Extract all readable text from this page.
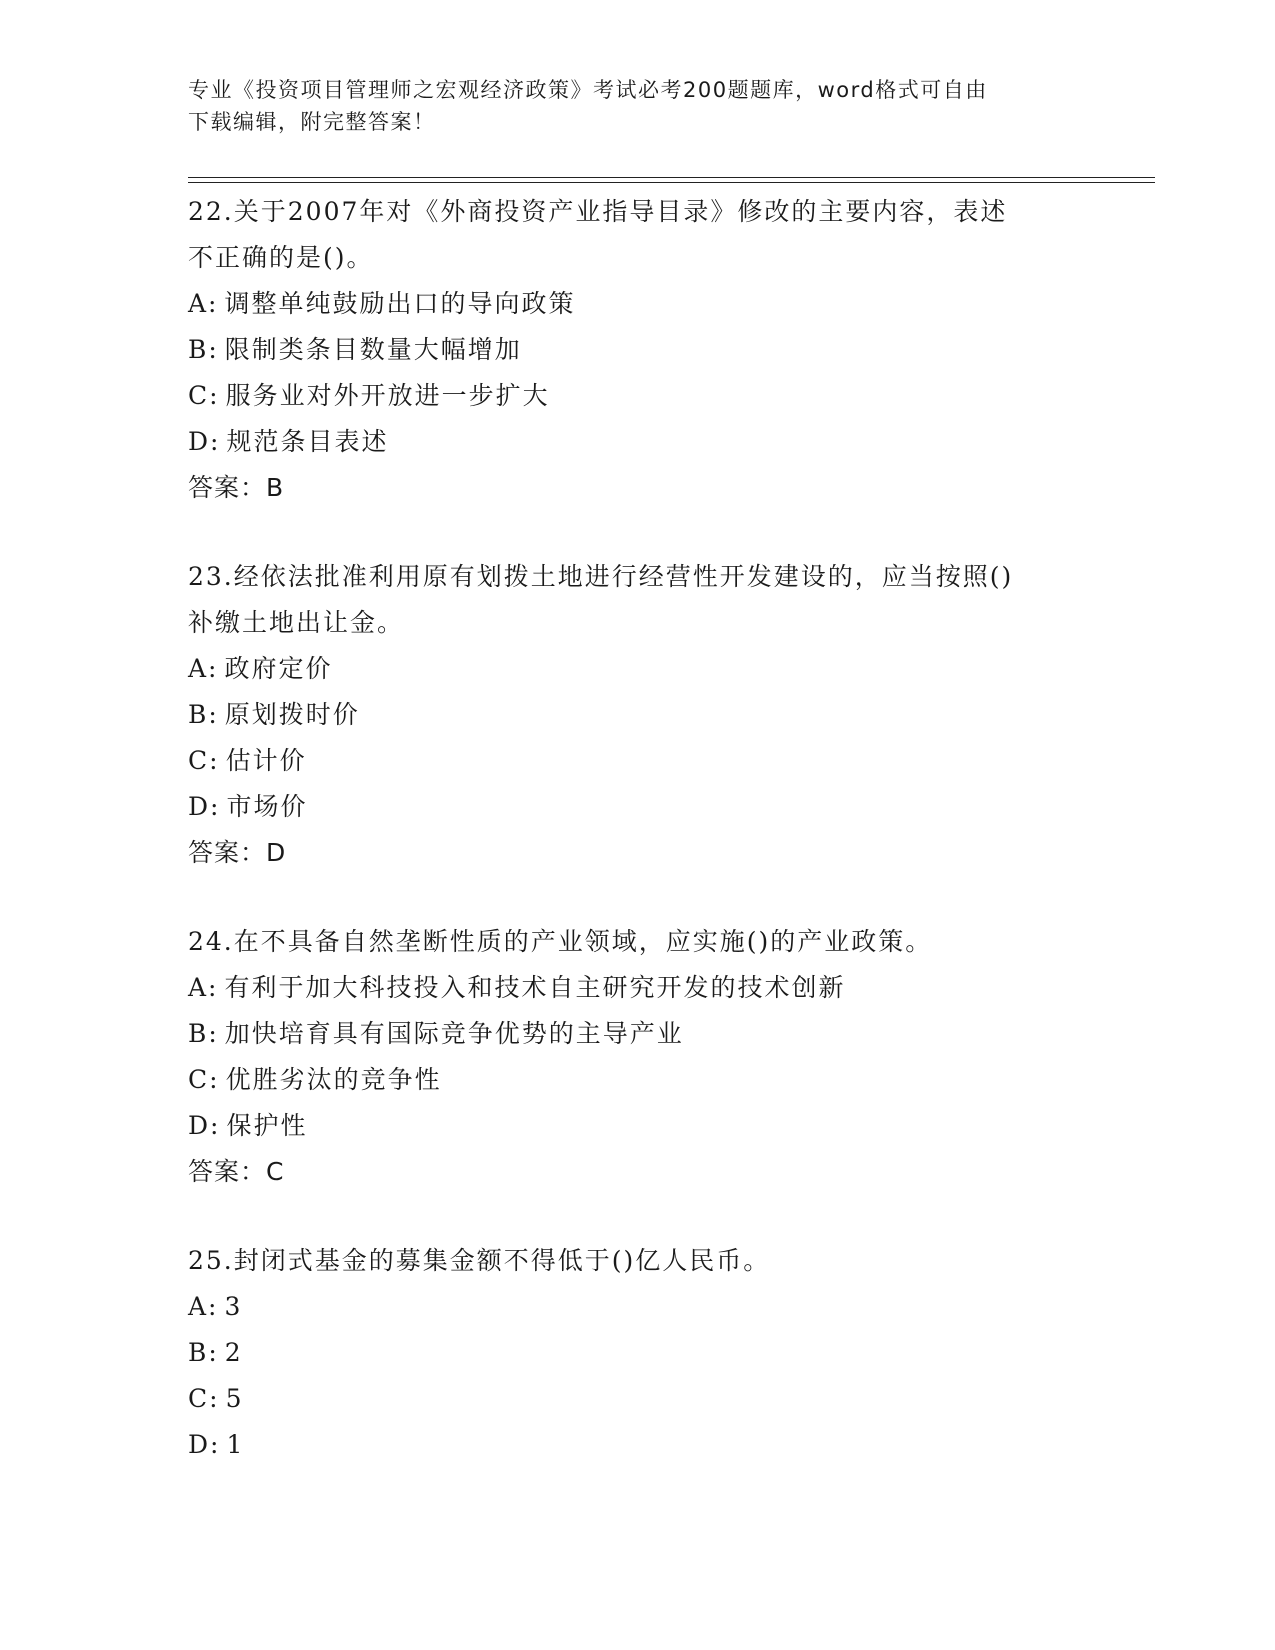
专业《投资项目管理师之宏观经济政策》考试必考200题题库，word格式可自由
下载编辑，附完整答案！
22.关于2007年对《外商投资产业指导目录》修改的主要内容，表述
不正确的是()。
A: 调整单纯鼓励出口的导向政策
B: 限制类条目数量大幅增加
C: 服务业对外开放进一步扩大
D: 规范条目表述
答案：B
23.经依法批准利用原有划拨土地进行经营性开发建设的，应当按照()
补缴土地出让金。
A: 政府定价
B: 原划拨时价
C: 估计价
D: 市场价
答案：D
24.在不具备自然垄断性质的产业领域，应实施()的产业政策。
A: 有利于加大科技投入和技术自主研究开发的技术创新
B: 加快培育具有国际竞争优势的主导产业
C: 优胜劣汰的竞争性
D: 保护性
答案：C
25.封闭式基金的募集金额不得低于()亿人民币。
A: 3
B: 2
C: 5
D: 1
